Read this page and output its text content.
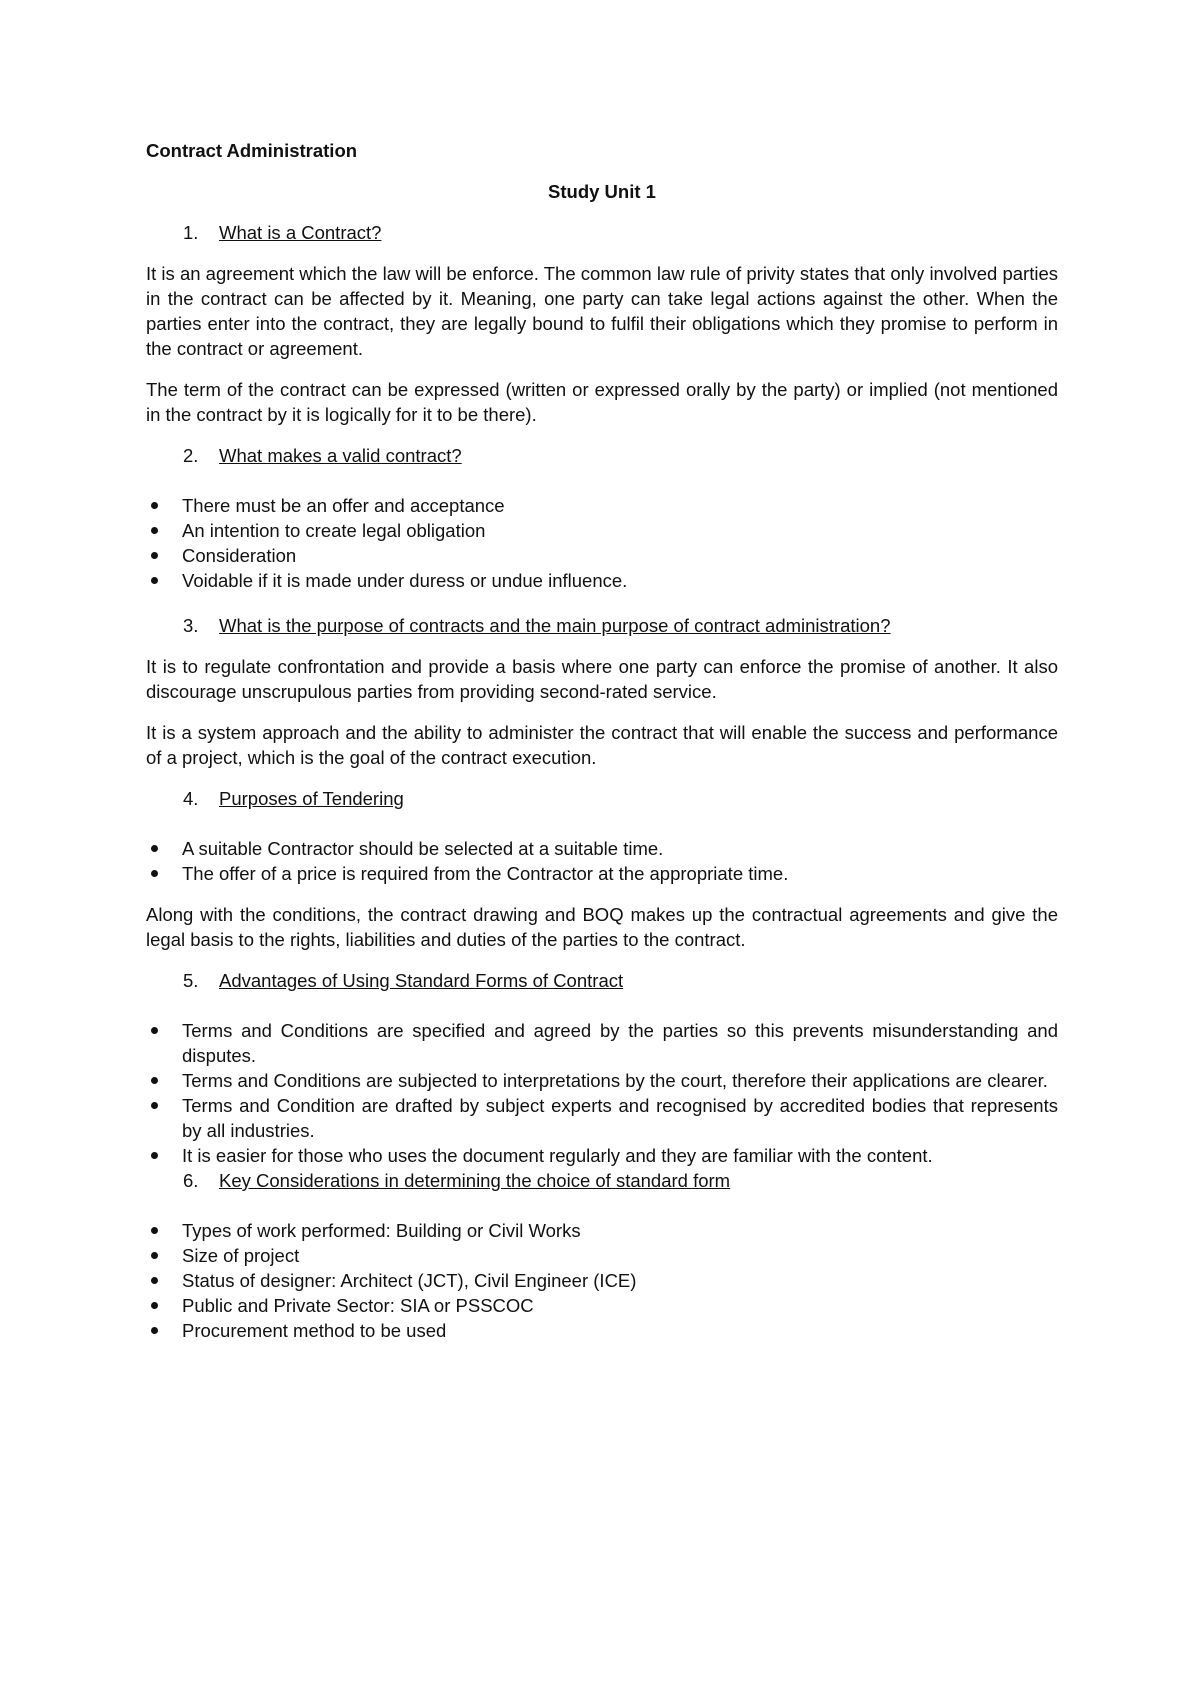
Contract Administration
Study Unit 1
1.	What is a Contract?

It is an agreement which the law will be enforce. The common law rule of privity states that only involved parties in the contract can be affected by it. Meaning, one party can take legal actions against the other. When the parties enter into the contract, they are legally bound to fulfil their obligations which they promise to perform in the contract or agreement.

The term of the contract can be expressed (written or expressed orally by the party) or implied (not mentioned in the contract by it is logically for it to be there).

2.	What makes a valid contract?
There must be an offer and acceptance
An intention to create legal obligation
Consideration
Voidable if it is made under duress or undue influence.
3.	What is the purpose of contracts and the main purpose of contract administration?

It is to regulate confrontation and provide a basis where one party can enforce the promise of another. It also discourage unscrupulous parties from providing second-rated service.

It is a system approach and the ability to administer the contract that will enable the success and performance of a project, which is the goal of the contract execution.

4.	Purposes of Tendering
A suitable Contractor should be selected at a suitable time.
The offer of a price is required from the Contractor at the appropriate time.

Along with the conditions, the contract drawing and BOQ makes up the contractual agreements and give the legal basis to the rights, liabilities and duties of the parties to the contract.

5.	Advantages of Using Standard Forms of Contract
Terms and Conditions are specified and agreed by the parties so this prevents misunderstanding and disputes.
Terms and Conditions are subjected to interpretations by the court, therefore their applications are clearer.
Terms and Condition are drafted by subject experts and recognised by accredited bodies that represents by all industries.
It is easier for those who uses the document regularly and they are familiar with the content.
6.	Key Considerations in determining the choice of standard form
Types of work performed: Building or Civil Works
Size of project
Status of designer: Architect (JCT), Civil Engineer (ICE)
Public and Private Sector: SIA or PSSCOC
Procurement method to be used
